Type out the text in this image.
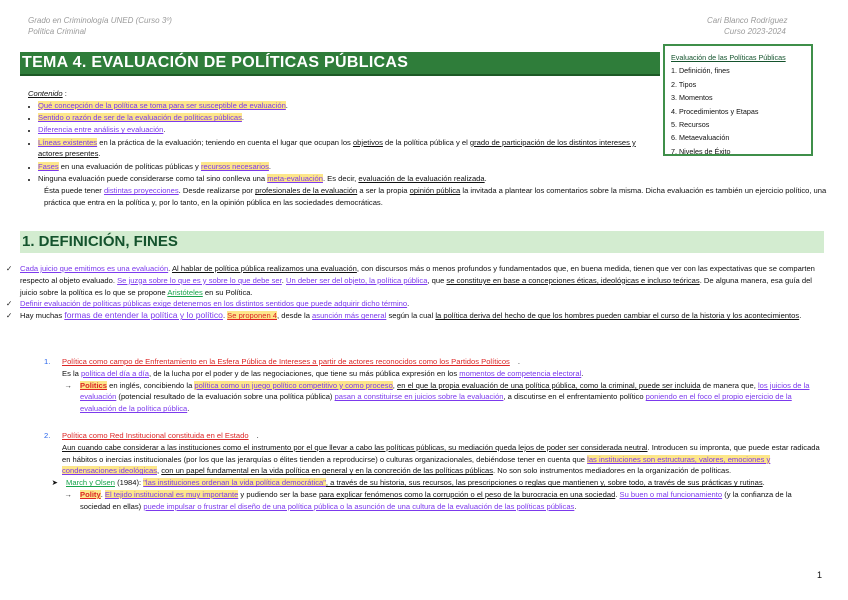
Grado en Criminología UNED (Curso 3º)
Política Criminal
Cari Blanco Rodríguez
Curso 2023-2024
TEMA 4. EVALUACIÓN DE POLÍTICAS PÚBLICAS	Evaluación de las Políticas Públicas
1. Definición, fines
2. Tipos
3. Momentos
4. Procedimientos y Etapas
5. Recursos
6. Metaevaluación
7. Niveles de Éxito
Contenido :
• Qué concepción de la política se toma para ser susceptible de evaluación.
• Sentido o razón de ser de la evaluación de políticas públicas.
• Diferencia entre análisis y evaluación.
• Líneas existentes en la práctica de la evaluación; teniendo en cuenta el lugar que ocupan los objetivos de la política pública y el grado de participación de los distintos intereses y actores presentes.
• Fases en una evaluación de políticas públicas y recursos necesarios.
• Ninguna evaluación puede considerarse como tal sino conlleva una meta-evaluación. Es decir, evaluación de la evaluación realizada.
Ésta puede tener distintas proyecciones. Desde realizarse por profesionales de la evaluación a ser la propia opinión pública la invitada a plantear los comentarios sobre la misma. Dicha evaluación es también un ejercicio político, una práctica que entra en la política y, por lo tanto, en la opinión pública en las sociedades democráticas.
1. DEFINICIÓN, FINES
✓ Cada juicio que emitimos es una evaluación. Al hablar de política pública realizamos una evaluación, con discursos más o menos profundos y fundamentados que, en buena medida, tienen que ver con las expectativas que se comparten respecto al objeto evaluado. Se juzga sobre lo que es y sobre lo que debe ser. Un deber ser del objeto, la política pública, que se constituye en base a concepciones éticas, ideológicas e incluso teóricas. De alguna manera, esa guía del juicio sobre la política es lo que se propone Aristóteles en su Política.
✓ Definir evaluación de políticas públicas exige detenernos en los distintos sentidos que puede adquirir dicho término.
✓ Hay muchas formas de entender la política y lo político. Se proponen 4, desde la asunción más general según la cual la política deriva del hecho de que los hombres pueden cambiar el curso de la historia y los acontecimientos.
1.	Política como campo de Enfrentamiento en la Esfera Pública de Intereses a partir de actores reconocidos como los Partidos Políticos .
Es la política del día a día, de la lucha por el poder y de las negociaciones, que tiene su más pública expresión en los momentos de competencia electoral.
→ Politics en inglés, concibiendo la política como un juego político competitivo y como proceso, en el que la propia evaluación de una política pública, como la criminal, puede ser incluida de manera que, los juicios de la evaluación (potencial resultado de la evaluación sobre una política pública) pasan a constituirse en juicios sobre la evaluación, a discutirse en el enfrentamiento político poniendo en el foco el propio ejercicio de la evaluación de la política pública.
2.	Política como Red Institucional constituida en el Estado .
Aun cuando cabe considerar a las instituciones como el instrumento por el que llevar a cabo las políticas públicas, su mediación queda lejos de poder ser considerada neutral. Introducen su impronta, que puede estar radicada en hábitos o inercias institucionales (por los que las jerarquías o élites tienden a reproducirse) o culturas organizacionales, debiéndose tener en cuenta que las instituciones son estructuras, valores, emociones y condensaciones ideológicas, con un papel fundamental en la vida política en general y en la concreción de las políticas públicas. No son solo instrumentos mediadores en la organización de políticas.
➤ March y Olsen (1984): "las instituciones ordenan la vida política democrática", a través de su historia, sus recursos, las prescripciones o reglas que mantienen y, sobre todo, a través de sus prácticas y rutinas.
→ Polity. El tejido institucional es muy importante y pudiendo ser la base para explicar fenómenos como la corrupción o el peso de la burocracia en una sociedad. Su buen o mal funcionamiento (y la confianza de la sociedad en ellas) puede impulsar o frustrar el diseño de una política pública o la asunción de una cultura de la evaluación de las políticas públicas.
1
